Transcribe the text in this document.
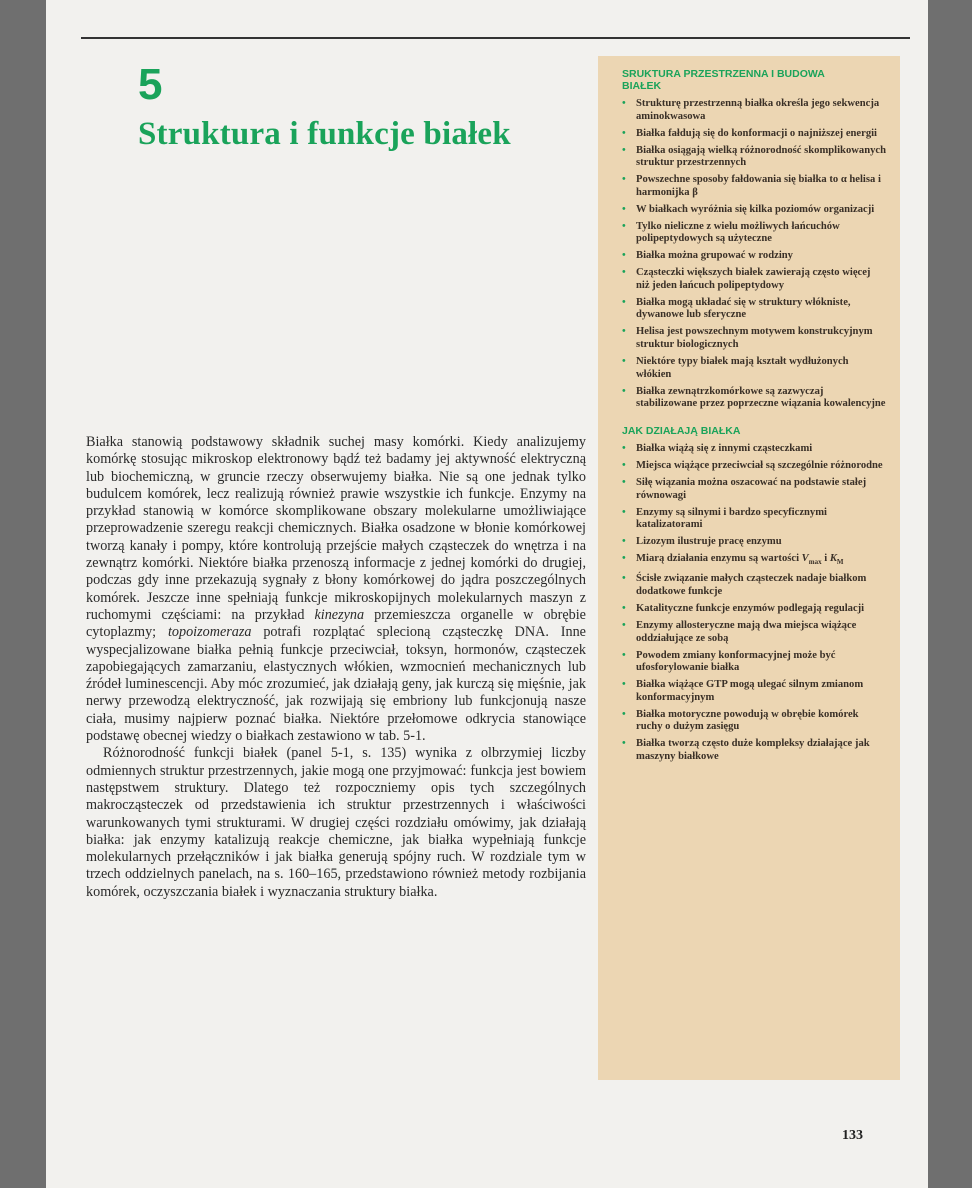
5
Struktura i funkcje białek

Białka stanowią podstawowy składnik suchej masy komórki. Kiedy analizujemy komórkę stosując mikroskop elektronowy bądź też badamy jej aktywność elektryczną lub biochemiczną, w gruncie rzeczy obserwujemy białka. Nie są one jednak tylko budulcem komórek, lecz realizują również prawie wszystkie ich funkcje. Enzymy na przykład stanowią w komórce skomplikowane obszary molekularne umożliwiające przeprowadzenie szeregu reakcji chemicznych. Białka osadzone w błonie komórkowej tworzą kanały i pompy, które kontrolują przejście małych cząsteczek do wnętrza i na zewnątrz komórki. Niektóre białka przenoszą informacje z jednej komórki do drugiej, podczas gdy inne przekazują sygnały z błony komórkowej do jądra poszczególnych komórek. Jeszcze inne spełniają funkcje mikroskopijnych molekularnych maszyn z ruchomymi częściami: na przykład kinezyna przemieszcza organelle w obrębie cytoplazmy; topoizomeraza potrafi rozplątać splecioną cząsteczkę DNA. Inne wyspecjalizowane białka pełnią funkcje przeciwciał, toksyn, hormonów, cząsteczek zapobiegających zamarzaniu, elastycznych włókien, wzmocnień mechanicznych lub źródeł luminescencji. Aby móc zrozumieć, jak działają geny, jak kurczą się mięśnie, jak nerwy przewodzą elektryczność, jak rozwijają się embriony lub funkcjonują nasze ciała, musimy najpierw poznać białka. Niektóre przełomowe odkrycia stanowiące podstawę obecnej wiedzy o białkach zestawiono w tab. 5-1.

Różnorodność funkcji białek (panel 5-1, s. 135) wynika z olbrzymiej liczby odmiennych struktur przestrzennych, jakie mogą one przyjmować: funkcja jest bowiem następstwem struktury. Dlatego też rozpoczniemy opis tych szczególnych makrocząsteczek od przedstawienia ich struktur przestrzennych i właściwości warunkowanych tymi strukturami. W drugiej części rozdziału omówimy, jak działają białka: jak enzymy katalizują reakcje chemiczne, jak białka wypełniają funkcje molekularnych przełączników i jak białka generują spójny ruch. W rozdziale tym w trzech oddzielnych panelach, na s. 160–165, przedstawiono również metody rozbijania komórek, oczyszczania białek i wyznaczania struktury białka.

SRUKTURA PRZESTRZENNA I BUDOWA BIAŁEK
• Strukturę przestrzenną białka określa jego sekwencja aminokwasowa
• Białka fałdują się do konformacji o najniższej energii
• Białka osiągają wielką różnorodność skomplikowanych struktur przestrzennych
• Powszechne sposoby fałdowania się białka to α helisa i harmonijka β
• W białkach wyróżnia się kilka poziomów organizacji
• Tylko nieliczne z wielu możliwych łańcuchów polipeptydowych są użyteczne
• Białka można grupować w rodziny
• Cząsteczki większych białek zawierają często więcej niż jeden łańcuch polipeptydowy
• Białka mogą układać się w struktury włókniste, dywanowe lub sferyczne
• Helisa jest powszechnym motywem konstrukcyjnym struktur biologicznych
• Niektóre typy białek mają kształt wydłużonych włókien
• Białka zewnątrzkomórkowe są zazwyczaj stabilizowane przez poprzeczne wiązania kowalencyjne
JAK DZIAŁAJĄ BIAŁKA
• Białka wiążą się z innymi cząsteczkami
• Miejsca wiążące przeciwciał są szczególnie różnorodne
• Siłę wiązania można oszacować na podstawie stałej równowagi
• Enzymy są silnymi i bardzo specyficznymi katalizatorami
• Lizozym ilustruje pracę enzymu
• Miarą działania enzymu są wartości $V_{max}$ i $K_M$
• Ścisłe związanie małych cząsteczek nadaje białkom dodatkowe funkcje
• Katalityczne funkcje enzymów podlegają regulacji
• Enzymy allosteryczne mają dwa miejsca wiążące oddziałujące ze sobą
• Powodem zmiany konformacyjnej może być ufosforylowanie białka
• Białka wiążące GTP mogą ulegać silnym zmianom konformacyjnym
• Białka motoryczne powodują w obrębie komórek ruchy o dużym zasięgu
• Białka tworzą często duże kompleksy działające jak maszyny białkowe
133
